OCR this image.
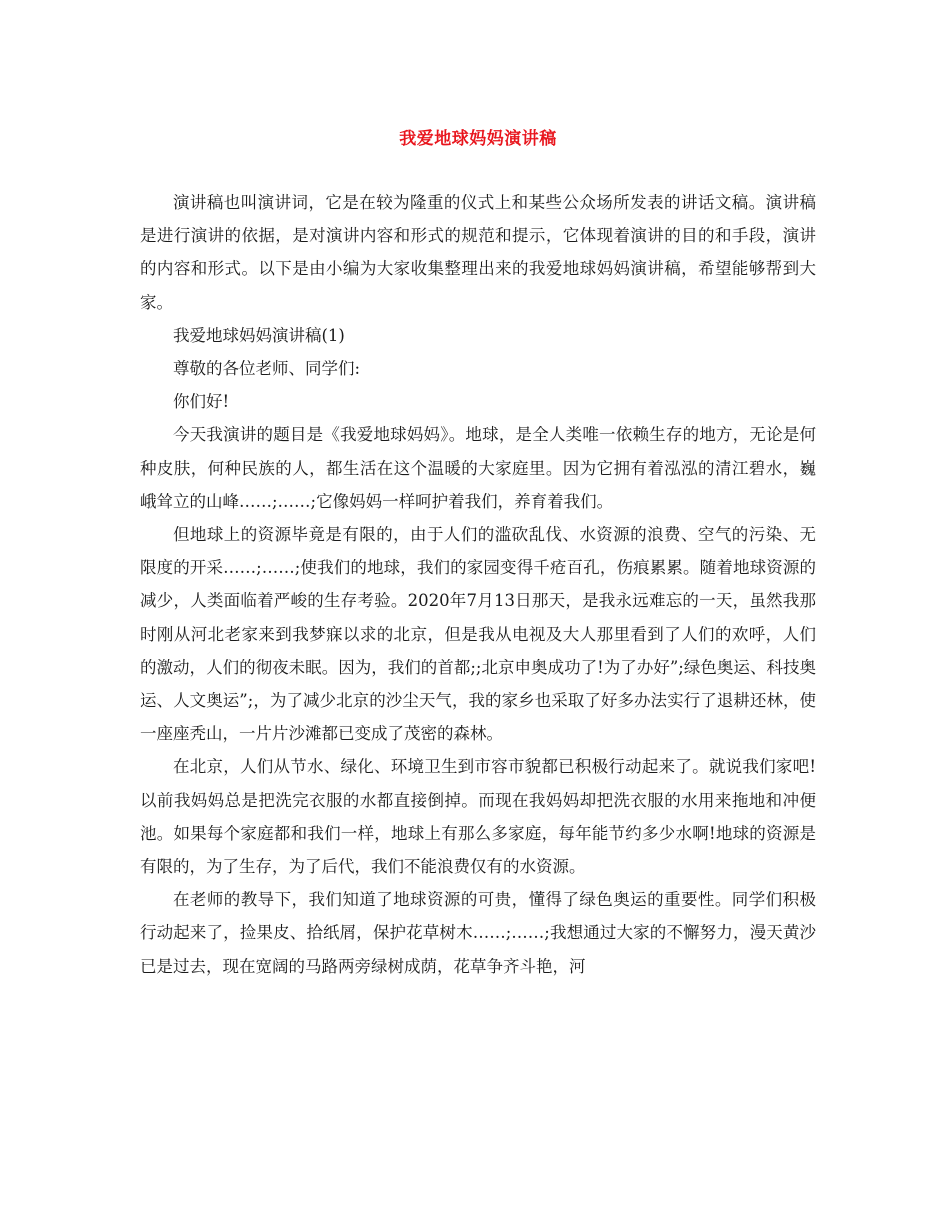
我爱地球妈妈演讲稿

演讲稿也叫演讲词，它是在较为隆重的仪式上和某些公众场所发表的讲话文稿。演讲稿是进行演讲的依据，是对演讲内容和形式的规范和提示，它体现着演讲的目的和手段，演讲的内容和形式。以下是由小编为大家收集整理出来的我爱地球妈妈演讲稿，希望能够帮到大家。

我爱地球妈妈演讲稿(1)

尊敬的各位老师、同学们:

你们好!

今天我演讲的题目是《我爱地球妈妈》。地球，是全人类唯一依赖生存的地方，无论是何种皮肤，何种民族的人，都生活在这个温暖的大家庭里。因为它拥有着泓泓的清江碧水，巍峨耸立的山峰……;……;它像妈妈一样呵护着我们，养育着我们。

但地球上的资源毕竟是有限的，由于人们的滥砍乱伐、水资源的浪费、空气的污染、无限度的开采……;……;使我们的地球，我们的家园变得千疮百孔，伤痕累累。随着地球资源的减少，人类面临着严峻的生存考验。2020年7月13日那天，是我永远难忘的一天，虽然我那时刚从河北老家来到我梦寐以求的北京，但是我从电视及大人那里看到了人们的欢呼，人们的激动，人们的彻夜未眠。因为，我们的首都;;北京申奥成功了!为了办好”;绿色奥运、科技奥运、人文奥运”;，为了减少北京的沙尘天气，我的家乡也采取了好多办法实行了退耕还林，使一座座秃山，一片片沙滩都已变成了茂密的森林。

在北京，人们从节水、绿化、环境卫生到市容市貌都已积极行动起来了。就说我们家吧!以前我妈妈总是把洗完衣服的水都直接倒掉。而现在我妈妈却把洗衣服的水用来拖地和冲便池。如果每个家庭都和我们一样，地球上有那么多家庭，每年能节约多少水啊!地球的资源是有限的，为了生存，为了后代，我们不能浪费仅有的水资源。

在老师的教导下，我们知道了地球资源的可贵，懂得了绿色奥运的重要性。同学们积极行动起来了，捡果皮、拾纸屑，保护花草树木……;……;我想通过大家的不懈努力，漫天黄沙已是过去，现在宽阔的马路两旁绿树成荫，花草争齐斗艳，河
